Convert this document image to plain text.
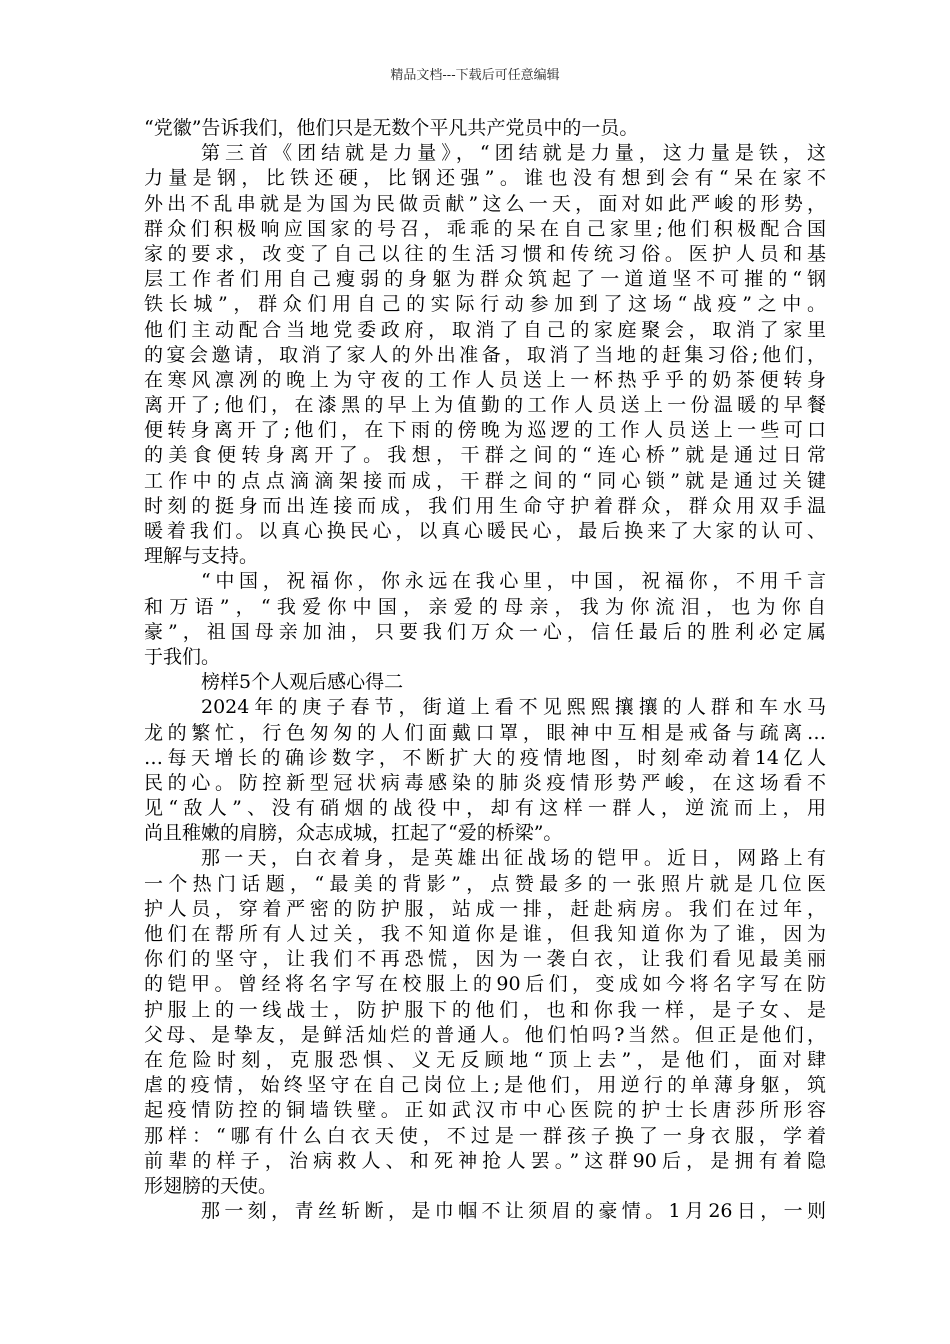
精品文档---下载后可任意编辑
“党徽”告诉我们，他们只是无数个平凡共产党员中的一员。
第三首《团结就是力量》，“团结就是力量，这力量是铁，这
力量是钢，比铁还硬，比钢还强”。谁也没有想到会有“呆在家不
外出不乱串就是为国为民做贡献”这么一天，面对如此严峻的形势，
群众们积极响应国家的号召，乖乖的呆在自己家里;他们积极配合国
家的要求，改变了自己以往的生活习惯和传统习俗。医护人员和基
层工作者们用自己瘦弱的身躯为群众筑起了一道道坚不可摧的“钢
铁长城”，群众们用自己的实际行动参加到了这场“战疫”之中。
他们主动配合当地党委政府，取消了自己的家庭聚会，取消了家里
的宴会邀请，取消了家人的外出准备，取消了当地的赶集习俗;他们，
在寒风凛冽的晚上为守夜的工作人员送上一杯热乎乎的奶茶便转身
离开了;他们，在漆黑的早上为值勤的工作人员送上一份温暖的早餐
便转身离开了;他们，在下雨的傍晚为巡逻的工作人员送上一些可口
的美食便转身离开了。我想，干群之间的“连心桥”就是通过日常
工作中的点点滴滴架接而成，干群之间的“同心锁”就是通过关键
时刻的挺身而出连接而成，我们用生命守护着群众，群众用双手温
暖着我们。以真心换民心，以真心暖民心，最后换来了大家的认可、
理解与支持。
“中国，祝福你，你永远在我心里，中国，祝福你，不用千言
和万语”，“我爱你中国，亲爱的母亲，我为你流泪，也为你自
豪”，祖国母亲加油，只要我们万众一心，信任最后的胜利必定属
于我们。
榜样5个人观后感心得二
2024年的庚子春节，街道上看不见熙熙攘攘的人群和车水马
龙的繁忙，行色匆匆的人们面戴口罩，眼神中互相是戒备与疏离…
…每天增长的确诊数字，不断扩大的疫情地图，时刻牵动着14亿人
民的心。防控新型冠状病毒感染的肺炎疫情形势严峻，在这场看不
见“敌人”、没有硝烟的战役中，却有这样一群人，逆流而上，用
尚且稚嫩的肩膀，众志成城，扛起了“爱的桥梁”。
那一天，白衣着身，是英雄出征战场的铠甲。近日，网路上有
一个热门话题，“最美的背影”，点赞最多的一张照片就是几位医
护人员，穿着严密的防护服，站成一排，赶赴病房。我们在过年，
他们在帮所有人过关，我不知道你是谁，但我知道你为了谁，因为
你们的坚守，让我们不再恐慌，因为一袭白衣，让我们看见最美丽
的铠甲。曾经将名字写在校服上的90后们，变成如今将名字写在防
护服上的一线战士，防护服下的他们，也和你我一样，是子女、是
父母、是挚友，是鲜活灿烂的普通人。他们怕吗?当然。但正是他们，
在危险时刻，克服恐惧、义无反顾地“顶上去”，是他们，面对肆
虐的疫情，始终坚守在自己岗位上;是他们，用逆行的单薄身躯，筑
起疫情防控的铜墙铁壁。正如武汉市中心医院的护士长唐莎所形容
那样：“哪有什么白衣天使，不过是一群孩子换了一身衣服，学着
前辈的样子，治病救人、和死神抢人罢。”这群90后，是拥有着隐
形翅膀的天使。
那一刻，青丝斩断，是巾帼不让须眉的豪情。1月26日，一则
